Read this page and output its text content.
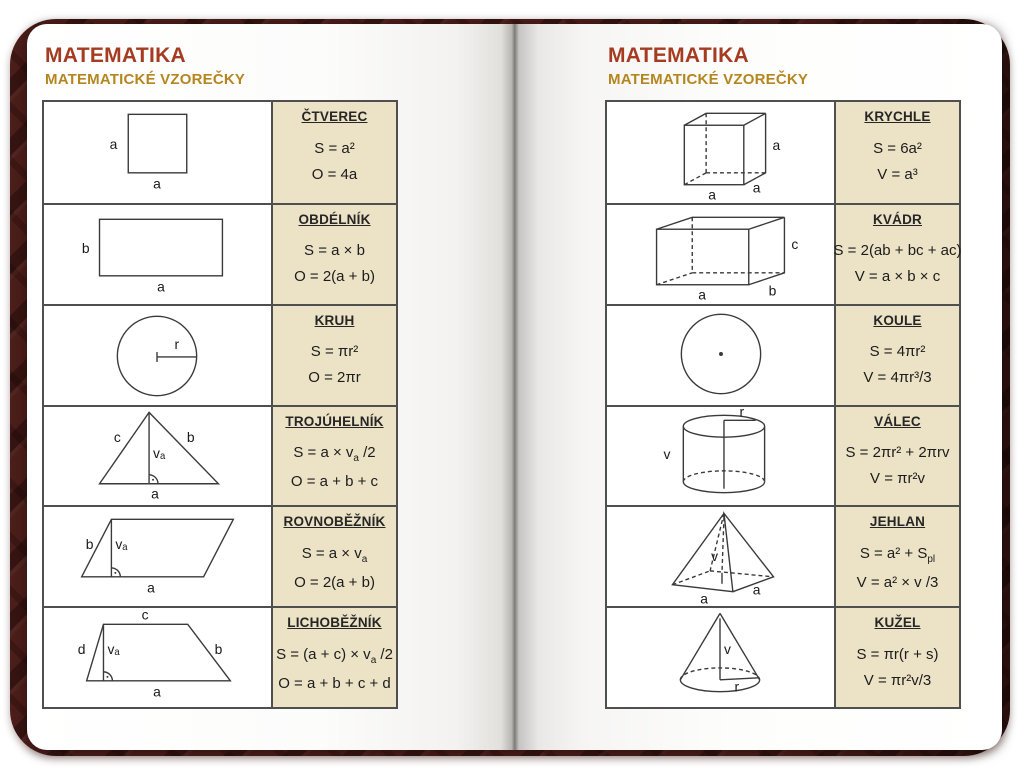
MATEMATIKA
MATEMATICKÉ VZOREČKY
MATEMATIKA
MATEMATICKÉ VZOREČKY
a
a
ČTVEREC
S = a²
O = 4a
b
a
OBDÉLNÍK
S = a × b
O = 2(a + b)
r
KRUH
S = πr²
O = 2πr
c	b
vₐ
a
TROJÚHELNÍK
$S = a \times v_a$ /2
O = a + b + c
b vₐ
a
ROVNOBĚŽNÍK
$S = a \times v_a$
O = 2(a + b)
c
d vₐ	b
a
LICHOBĚŽNÍK
$S = (a + c) \times v_a$ /2
O = a + b + c + d
a
a
a
KRYCHLE
S = 6a²
V = a³
c
b
a
KVÁDR
S = 2(ab + bc + ac)
V = a × b × c
KOULE
S = 4πr²
V = 4πr³/3
r
v
VÁLEC
S = 2πr² + 2πrv
V = πr²v
v
a
a
JEHLAN
$S = a^2 + S_{pl}$
V = a² × v /3
v
r
KUŽEL
S = πr(r + s)
V = πr²v/3
